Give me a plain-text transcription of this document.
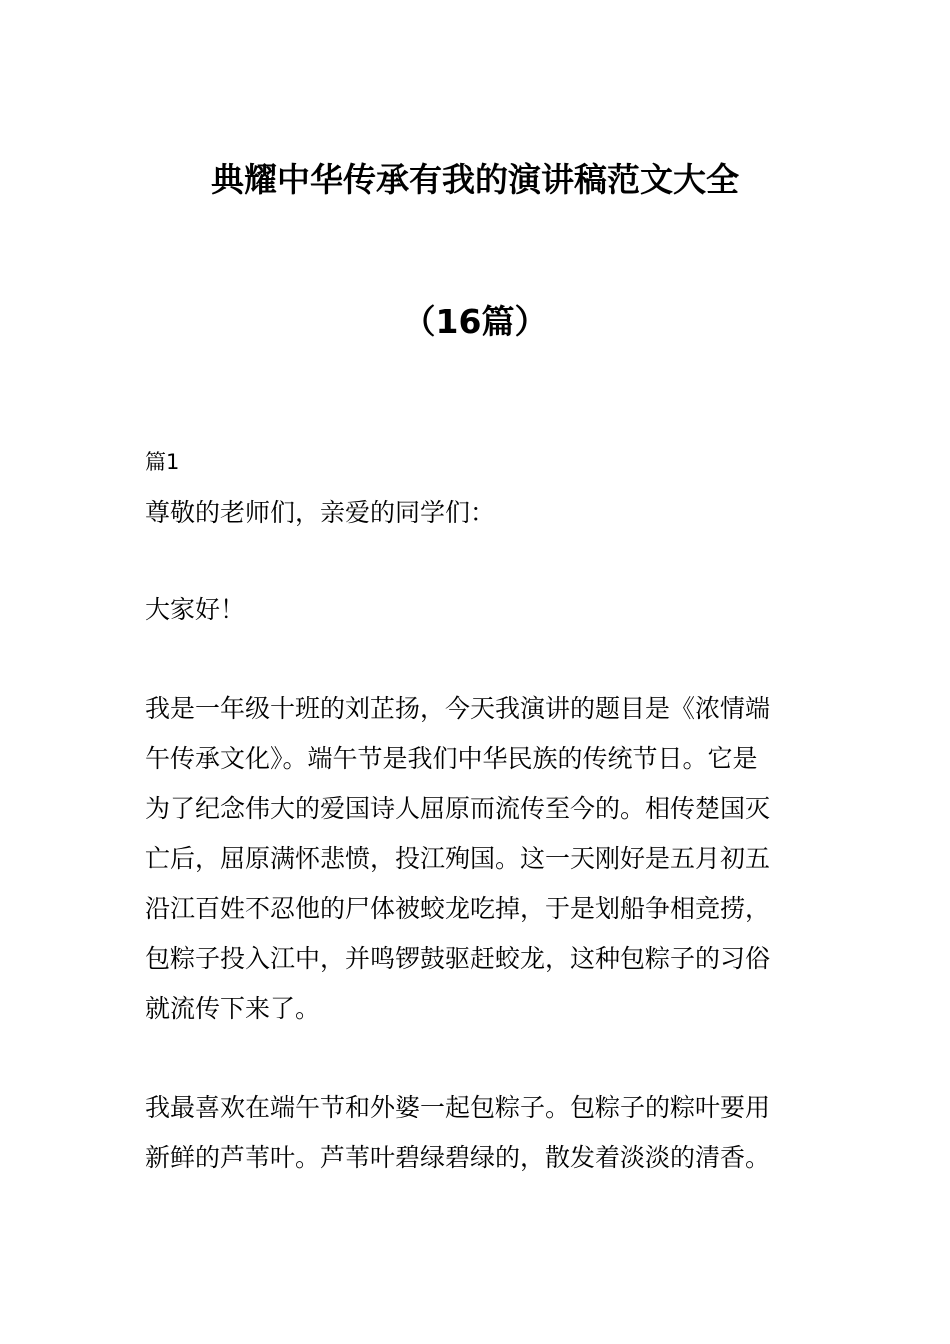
典耀中华传承有我的演讲稿范文大全
（16篇）
篇1

尊敬的老师们，亲爱的同学们：

大家好！

我是一年级十班的刘芷扬，今天我演讲的题目是《浓情端
午传承文化》。端午节是我们中华民族的传统节日。它是
为了纪念伟大的爱国诗人屈原而流传至今的。相传楚国灭
亡后，屈原满怀悲愤，投江殉国。这一天刚好是五月初五
沿江百姓不忍他的尸体被蛟龙吃掉，于是划船争相竞捞，
包粽子投入江中，并鸣锣鼓驱赶蛟龙，这种包粽子的习俗
就流传下来了。
我最喜欢在端午节和外婆一起包粽子。包粽子的粽叶要用
新鲜的芦苇叶。芦苇叶碧绿碧绿的，散发着淡淡的清香。
